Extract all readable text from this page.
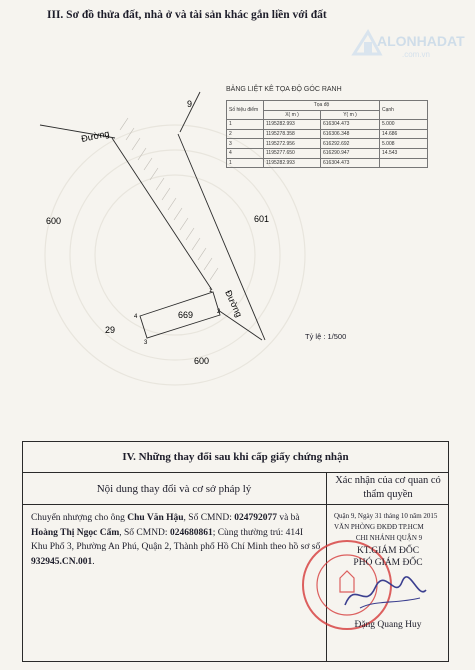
III. Sơ đồ thửa đất, nhà ở và tài sản khác gắn liền với đất
ALONHADAT
.com.vn
9
Đường
600	601
Đường
669
29
600
1
2
3
4
BẢNG LIỆT KÊ TỌA ĐỘ GÓC RANH
Số hiệu điểm	Tọa độ		Cạnh
	X( m )	Y( m )	
1	1195282.993	616304.473	5.000
2	1195278.358	616306.348	14.686
3	1195272.956	616292.692	5.008
4	1195277.650	616290.947	14.543
1	1195282.993	616304.473	
Tỷ lệ : 1/500
IV. Những thay đổi sau khi cấp giấy chứng nhận
Nội dung thay đổi và cơ sở pháp lý
Xác nhận của cơ quan có thẩm quyền
Chuyển nhượng cho ông Chu Văn Hậu, Số CMND: 024792077 và bà Hoàng Thị Ngọc Cẩm, Số CMND: 024680861; Cùng thường trú: 414I Khu Phố 3, Phường An Phú, Quận 2, Thành phố Hồ Chí Minh theo hồ sơ số 932945.CN.001.
Quận 9, Ngày 31 tháng 10 năm 2015
VĂN PHÒNG ĐKĐĐ TP.HCM
CHI NHÁNH QUẬN 9
KT.GIÁM ĐỐC
PHÓ GIÁM ĐỐC
Đặng Quang Huy
